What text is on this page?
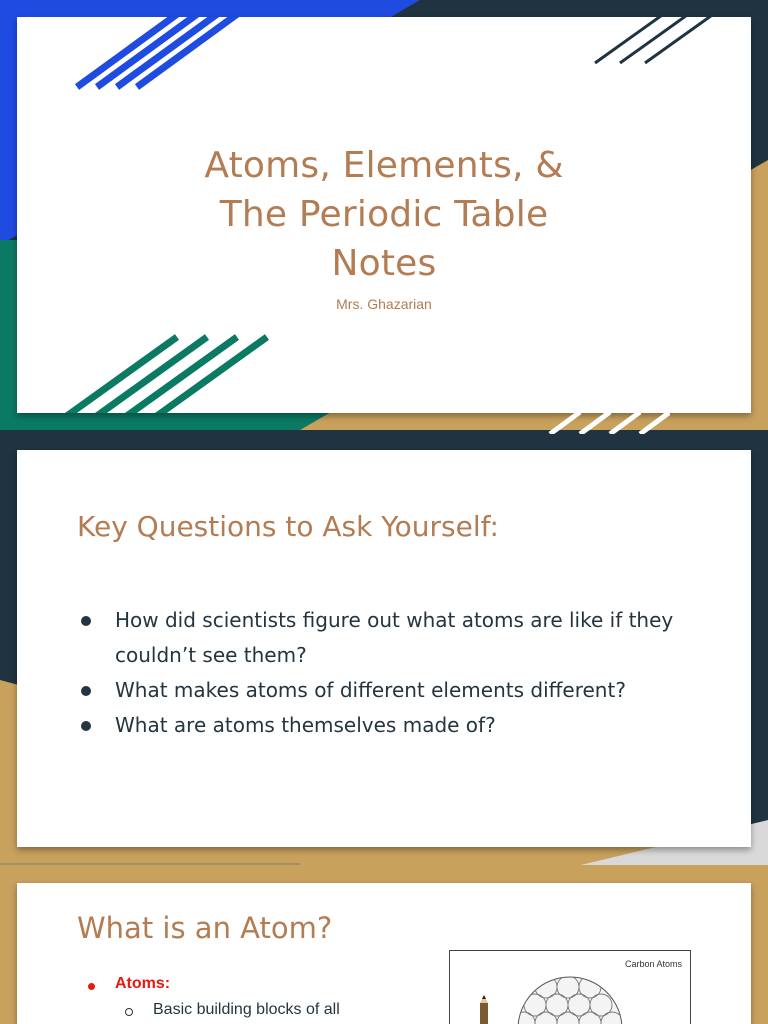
Atoms, Elements, &
The Periodic Table
Notes
Mrs. Ghazarian
Key Questions to Ask Yourself:
How did scientists figure out what atoms are like if they couldn’t see them?
What makes atoms of different elements different?
What are atoms themselves made of?
What is an Atom?
Atoms:
Basic building blocks of all
Carbon Atoms
